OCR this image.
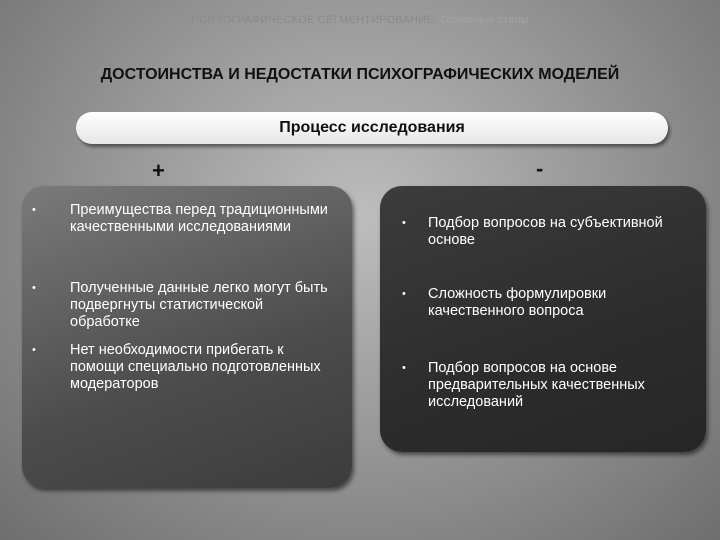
ПСИХОГРАФИЧЕСКОЕ СЕГМЕНТИРОВАНИЕ. Основные этапы
ДОСТОИНСТВА И НЕДОСТАТКИ ПСИХОГРАФИЧЕСКИХ МОДЕЛЕЙ
Процесс исследования
+	-
• Преимущества перед традиционными качественными исследованиями
• Полученные данные легко могут быть подвергнуты статистической обработке
• Нет необходимости прибегать к помощи специально подготовленных модераторов
• Подбор вопросов на субъективной основе
• Сложность формулировки качественного вопроса
• Подбор вопросов на основе предварительных качественных исследований
